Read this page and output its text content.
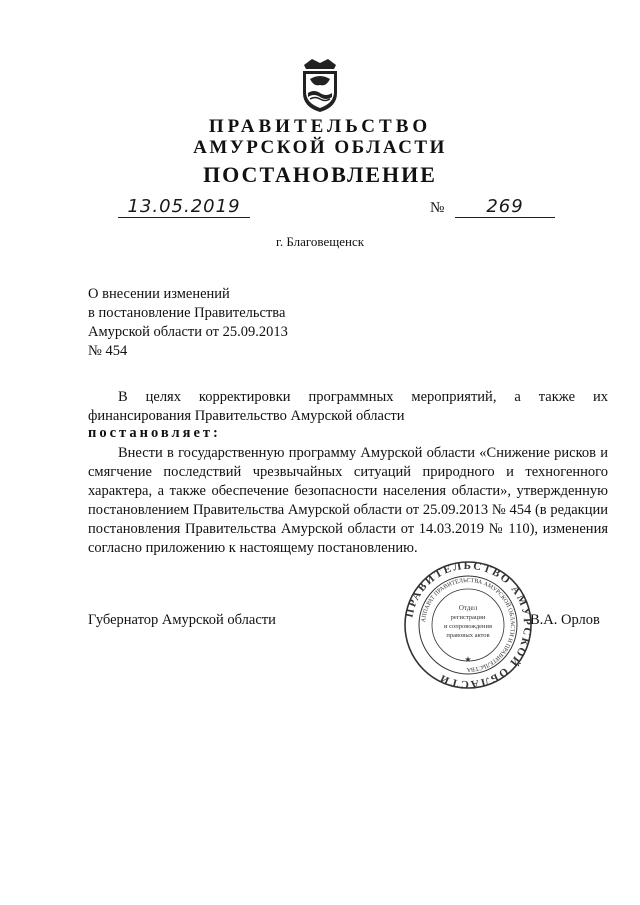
ПРАВИТЕЛЬСТВО
АМУРСКОЙ ОБЛАСТИ
ПОСТАНОВЛЕНИЕ
13.05.2019	№	269
г. Благовещенск
О внесении изменений
в постановление Правительства
Амурской области от 25.09.2013
№ 454
В целях корректировки программных мероприятий, а также их финансирования Правительство Амурской области
постановляет:
Внести в государственную программу Амурской области «Снижение рисков и смягчение последствий чрезвычайных ситуаций природного и техногенного характера, а также обеспечение безопасности населения области», утвержденную постановлением Правительства Амурской области от 25.09.2013 № 454 (в редакции постановления Правительства Амурской области от 14.03.2019 № 110), изменения согласно приложению к настоящему постановлению.
Губернатор Амурской области	ПРАВИТЕЛЬСТВО АМУРСКОЙ ОБЛАСТИ
АППАРАТ ПРАВИТЕЛЬСТВА АМУРСКОЙ ОБЛАСТИ И ПРАВИТЕЛЬСТВА
Отдел
регистрации
и сопровождения
правовых актов
★
В.А. Орлов
